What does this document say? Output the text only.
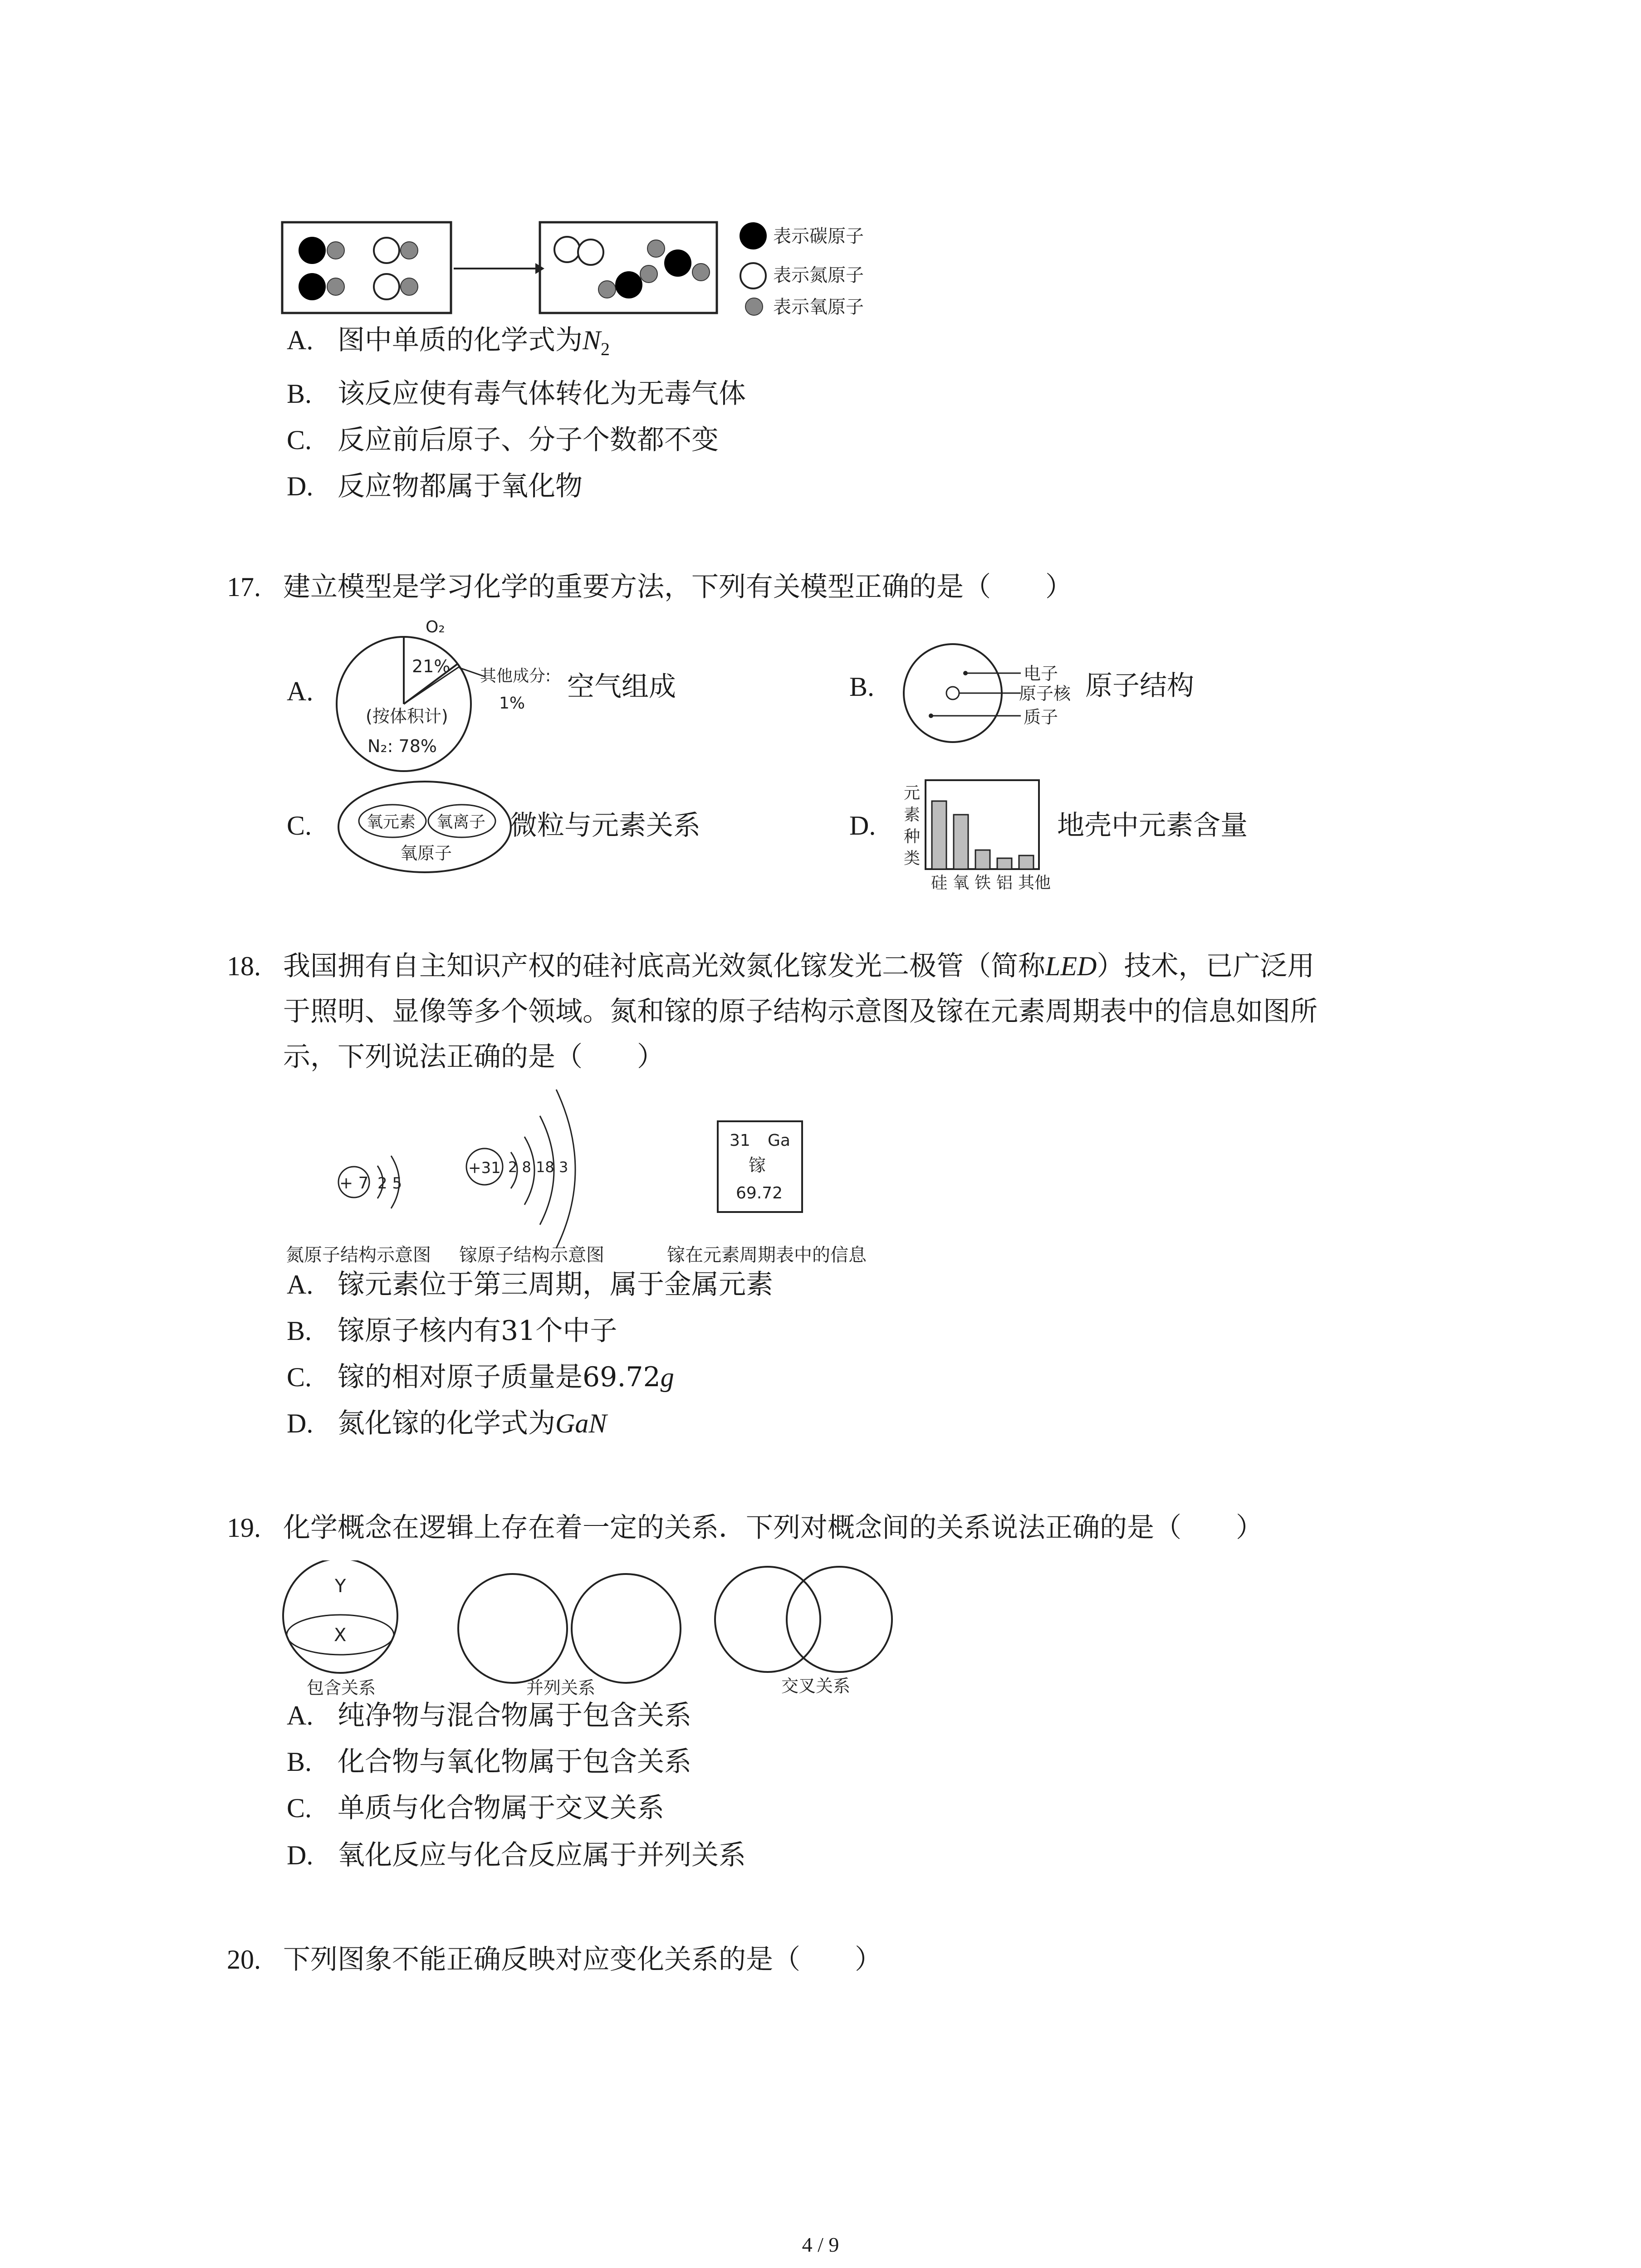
表示碳原子
表示氮原子
表示氧原子
A. 图中单质的化学式为$N_2$
B. 该反应使有毒气体转化为无毒气体
C. 反应前后原子、分子个数都不变
D. 反应物都属于氧化物
17. 建立模型是学习化学的重要方法，下列有关模型正确的是（　　）
A.
O₂
21% 其他成分:
1%
(按体积计)
N₂: 78%
空气组成	B.	电子
原子核
质子
原子结构
C.	氧元素 氧离子
氧原子
微粒与元素关系	D.
元
素
种
类
硅 氧 铁 铝 其他
地壳中元素含量
18. 我国拥有自主知识产权的硅衬底高光效氮化镓发光二极管（简称LED）技术，已广泛用
于照明、显像等多个领域。氮和镓的原子结构示意图及镓在元素周期表中的信息如图所
示，下列说法正确的是（　　）
+ 7 2 5
氮原子结构示意图
+31 2 8 18 3
镓原子结构示意图
31 Ga
镓
69.72
镓在元素周期表中的信息
A. 镓元素位于第三周期，属于金属元素
B. 镓原子核内有31个中子
C. 镓的相对原子质量是69.72g
D. 氮化镓的化学式为GaN
19. 化学概念在逻辑上存在着一定的关系．下列对概念间的关系说法正确的是（　　）
Y
X
包含关系	并列关系	交叉关系
A. 纯净物与混合物属于包含关系
B. 化合物与氧化物属于包含关系
C. 单质与化合物属于交叉关系
D. 氧化反应与化合反应属于并列关系
20. 下列图象不能正确反映对应变化关系的是（　　）
4 / 9
